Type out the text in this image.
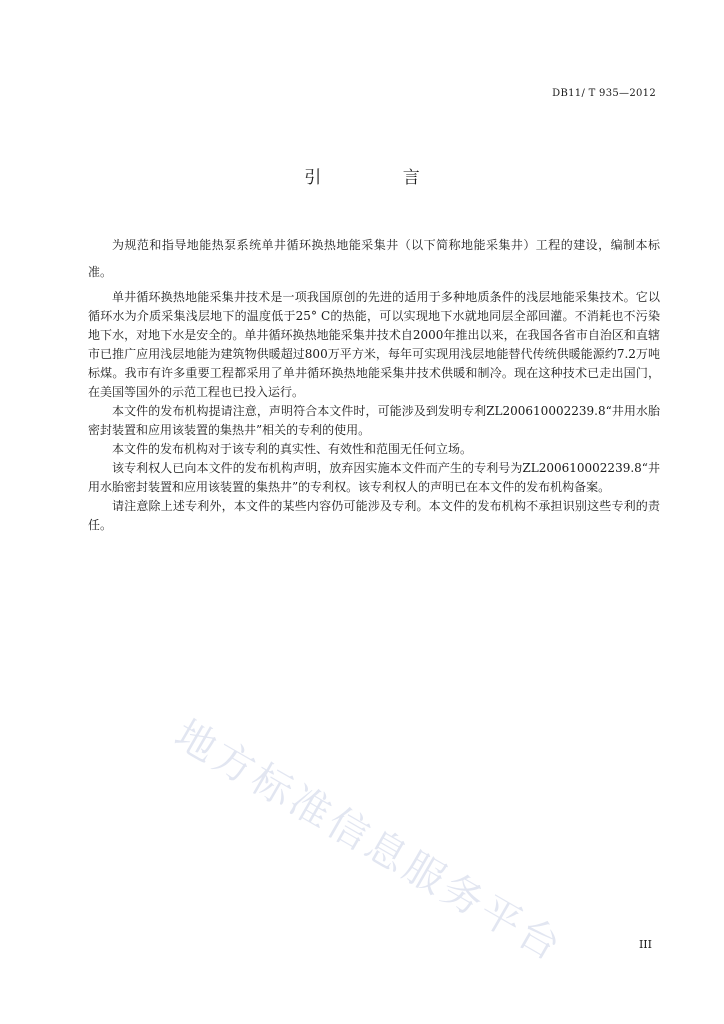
DB11/ T 935—2012
引 言

为规范和指导地能热泵系统单井循环换热地能采集井（以下简称地能采集井）工程的建设，编制本标准。

单井循环换热地能采集井技术是一项我国原创的先进的适用于多种地质条件的浅层地能采集技术。它以循环水为介质采集浅层地下的温度低于25° C的热能，可以实现地下水就地同层全部回灌。不消耗也不污染地下水，对地下水是安全的。单井循环换热地能采集井技术自2000年推出以来，在我国各省市自治区和直辖市已推广应用浅层地能为建筑物供暖超过800万平方米，每年可实现用浅层地能替代传统供暖能源约7.2万吨标煤。我市有许多重要工程都采用了单井循环换热地能采集井技术供暖和制冷。现在这种技术已走出国门，在美国等国外的示范工程也已投入运行。

本文件的发布机构提请注意，声明符合本文件时，可能涉及到发明专利ZL200610002239.8“井用水胎密封装置和应用该装置的集热井”相关的专利的使用。

本文件的发布机构对于该专利的真实性、有效性和范围无任何立场。

该专利权人已向本文件的发布机构声明，放弃因实施本文件而产生的专利号为ZL200610002239.8“井用水胎密封装置和应用该装置的集热井”的专利权。该专利权人的声明已在本文件的发布机构备案。

请注意除上述专利外，本文件的某些内容仍可能涉及专利。本文件的发布机构不承担识别这些专利的责任。

地方标准信息服务平台	III
